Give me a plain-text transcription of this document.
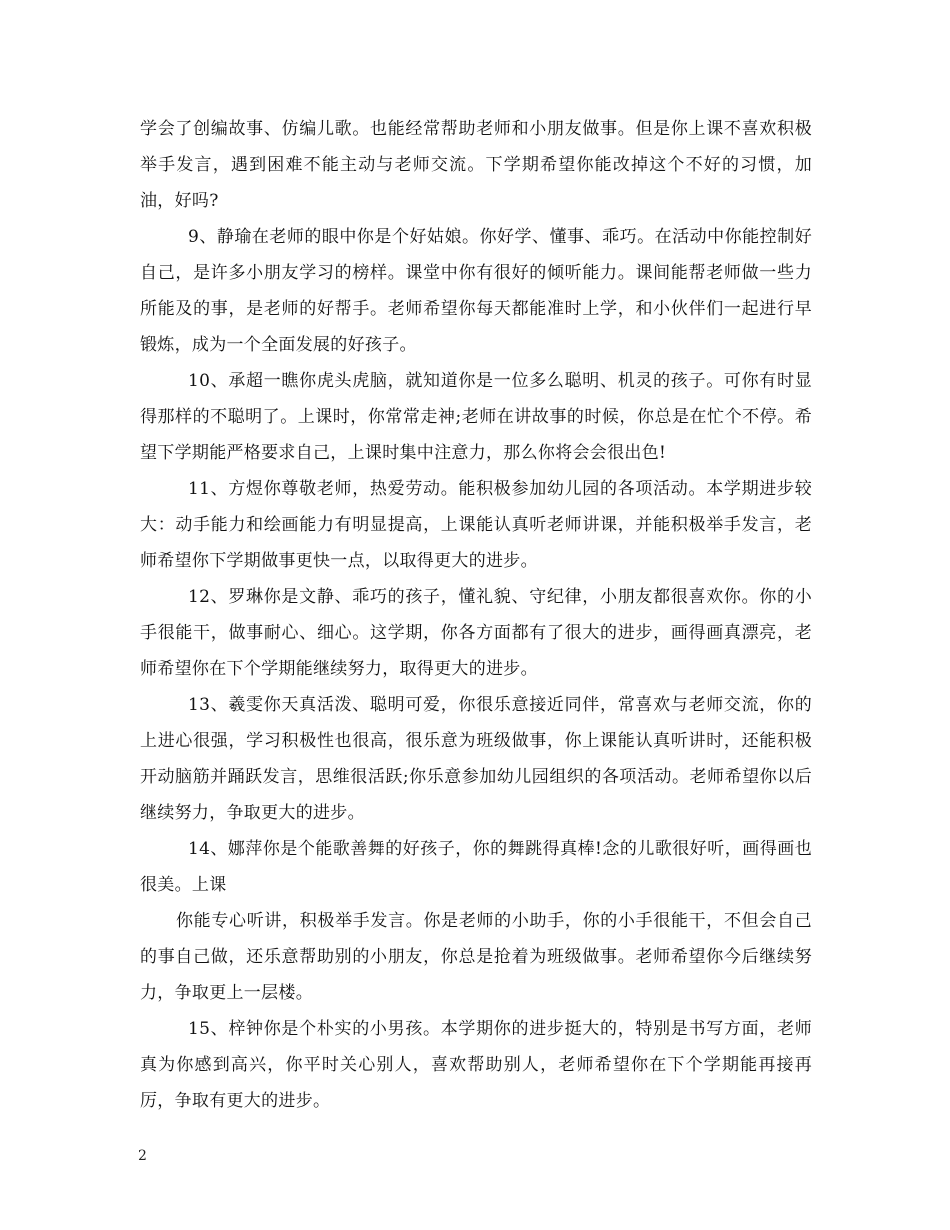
学会了创编故事、仿编儿歌。也能经常帮助老师和小朋友做事。但是你上课不喜欢积极举手发言，遇到困难不能主动与老师交流。下学期希望你能改掉这个不好的习惯，加油，好吗?

9、静瑜在老师的眼中你是个好姑娘。你好学、懂事、乖巧。在活动中你能控制好自己，是许多小朋友学习的榜样。课堂中你有很好的倾听能力。课间能帮老师做一些力所能及的事，是老师的好帮手。老师希望你每天都能准时上学，和小伙伴们一起进行早锻炼，成为一个全面发展的好孩子。

10、承超一瞧你虎头虎脑，就知道你是一位多么聪明、机灵的孩子。可你有时显得那样的不聪明了。上课时，你常常走神;老师在讲故事的时候，你总是在忙个不停。希望下学期能严格要求自己，上课时集中注意力，那么你将会会很出色!

11、方煜你尊敬老师，热爱劳动。能积极参加幼儿园的各项活动。本学期进步较大：动手能力和绘画能力有明显提高，上课能认真听老师讲课，并能积极举手发言，老师希望你下学期做事更快一点，以取得更大的进步。

12、罗琳你是文静、乖巧的孩子，懂礼貌、守纪律，小朋友都很喜欢你。你的小手很能干，做事耐心、细心。这学期，你各方面都有了很大的进步，画得画真漂亮，老师希望你在下个学期能继续努力，取得更大的进步。

13、羲雯你天真活泼、聪明可爱，你很乐意接近同伴，常喜欢与老师交流，你的上进心很强，学习积极性也很高，很乐意为班级做事，你上课能认真听讲时，还能积极开动脑筋并踊跃发言，思维很活跃;你乐意参加幼儿园组织的各项活动。老师希望你以后继续努力，争取更大的进步。

14、娜萍你是个能歌善舞的好孩子，你的舞跳得真棒!念的儿歌很好听，画得画也很美。上课

你能专心听讲，积极举手发言。你是老师的小助手，你的小手很能干，不但会自己的事自己做，还乐意帮助别的小朋友，你总是抢着为班级做事。老师希望你今后继续努力，争取更上一层楼。

15、梓钟你是个朴实的小男孩。本学期你的进步挺大的，特别是书写方面，老师真为你感到高兴，你平时关心别人，喜欢帮助别人，老师希望你在下个学期能再接再厉，争取有更大的进步。

2
